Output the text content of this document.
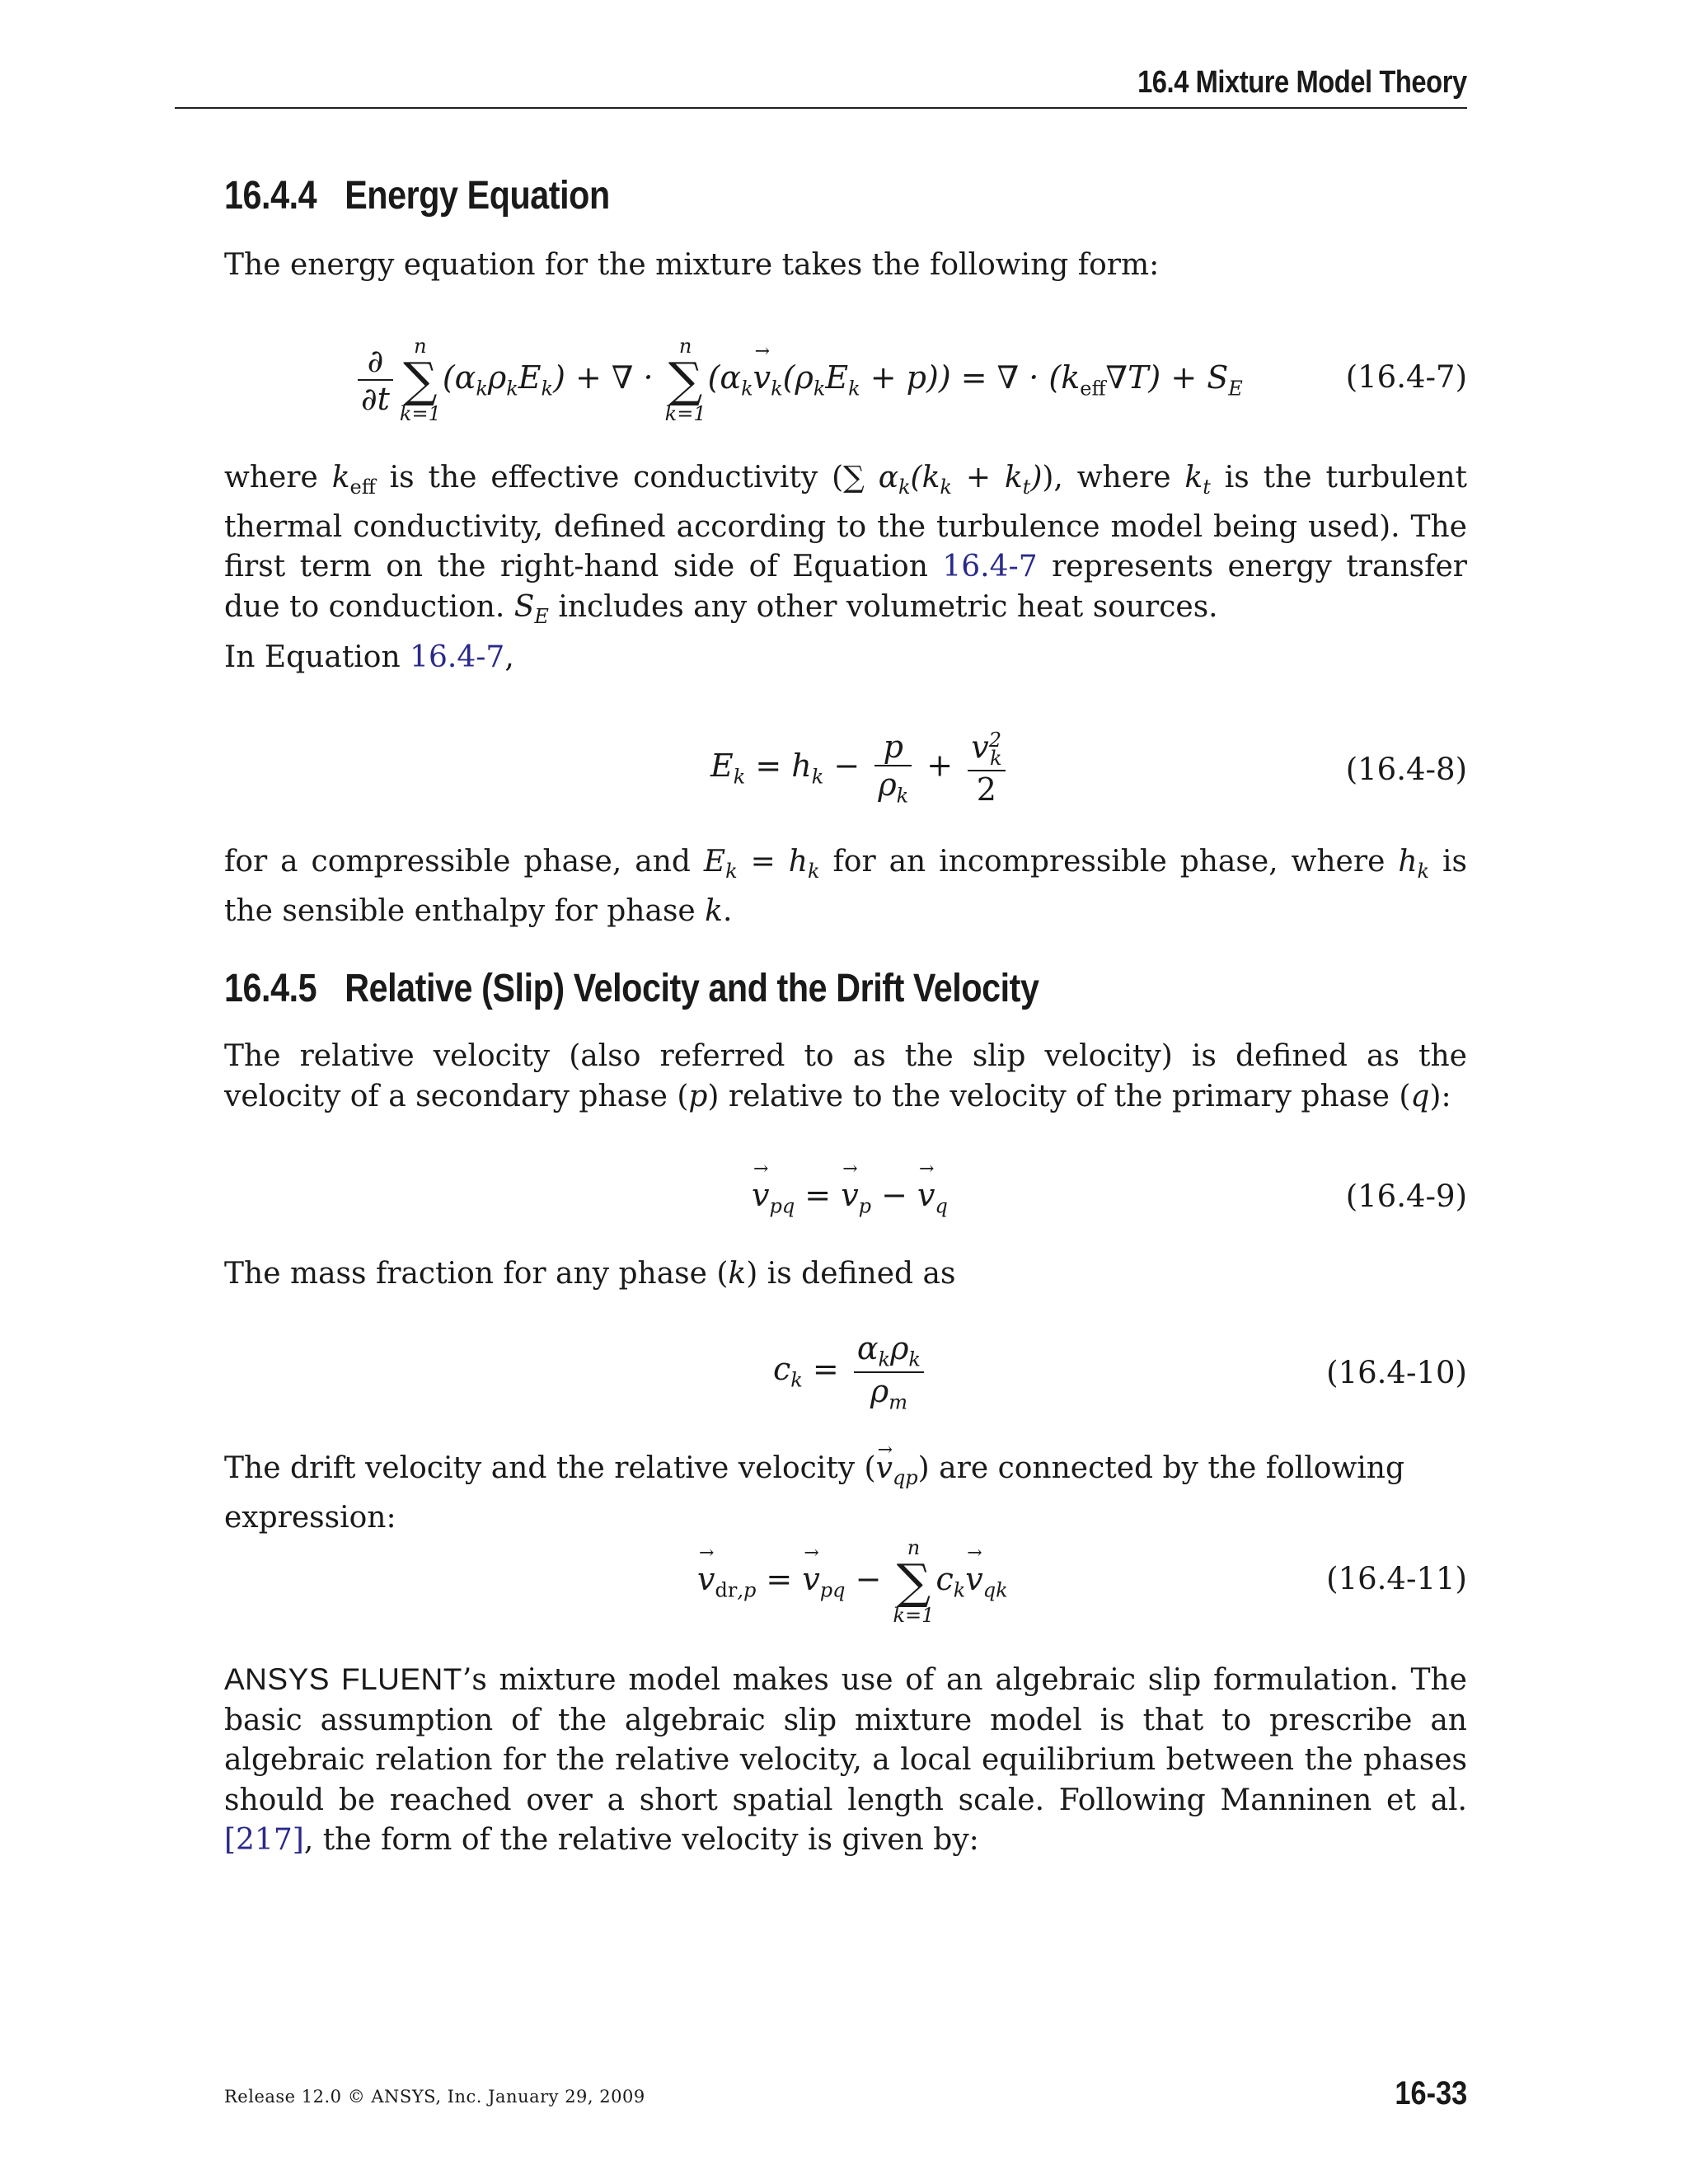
16.4 Mixture Model Theory
16.4.4 Energy Equation
The energy equation for the mixture takes the following form:
$\frac{\partial}{\partial t}$	n
∑
k=1
$(\alpha_k\rho_kE_k)$ + ∇ ·
n
∑
k=1
$(\alpha_k\to v_k(\rho_kE_k + p))$ = ∇ · $(k_{eff}\nabla T) + S_E$	(16.4-7)
where $k_{eff}$ is the effective conductivity (∑ $\alpha_k(k_k + k_t)$), where $k_t$ is the turbulent thermal conductivity, defined according to the turbulence model being used). The first term on the right-hand side of Equation 16.4-7 represents energy transfer due to conduction. $S_E$ includes any other volumetric heat sources.
In Equation 16.4-7,
$E_k = h_k - \frac{p}{\rho_k} + \frac{v^2_k}{2}$	(16.4-8)
for a compressible phase, and $E_k = h_k$ for an incompressible phase, where $h_k$ is the sensible enthalpy for phase k.
16.4.5 Relative (Slip) Velocity and the Drift Velocity
The relative velocity (also referred to as the slip velocity) is defined as the velocity of a secondary phase (p) relative to the velocity of the primary phase (q):
→ $v_{pq}$ = → $v_p$ − → $v_q$	(16.4-9)
The mass fraction for any phase (k) is defined as
$c_k = \frac{\alpha_k\rho_k}{\rho_m}$	(16.4-10)
The drift velocity and the relative velocity (→ $v_{qp}$) are connected by the following expression:
→ $v_{dr,p}$ = → $v_{pq}$ −
n
∑
k=1
$c_k\to v_{qk}$	(16.4-11)
ANSYS FLUENT’s mixture model makes use of an algebraic slip formulation. The basic assumption of the algebraic slip mixture model is that to prescribe an algebraic relation for the relative velocity, a local equilibrium between the phases should be reached over a short spatial length scale. Following Manninen et al. [217], the form of the relative velocity is given by:
Release 12.0 © ANSYS, Inc. January 29, 2009	16-33
